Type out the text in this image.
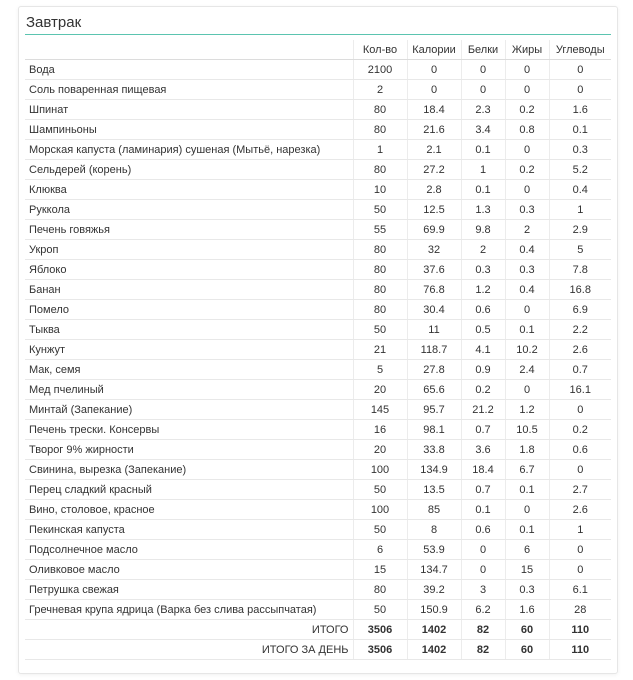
Завтрак
	Кол-во	Калории	Белки	Жиры	Углеводы
Вода	2100	0	0	0	0
Соль поваренная пищевая	2	0	0	0	0
Шпинат	80	18.4	2.3	0.2	1.6
Шампиньоны	80	21.6	3.4	0.8	0.1
Морская капуста (ламинария) сушеная (Мытьё, нарезка)	1	2.1	0.1	0	0.3
Сельдерей (корень)	80	27.2	1	0.2	5.2
Клюква	10	2.8	0.1	0	0.4
Руккола	50	12.5	1.3	0.3	1
Печень говяжья	55	69.9	9.8	2	2.9
Укроп	80	32	2	0.4	5
Яблоко	80	37.6	0.3	0.3	7.8
Банан	80	76.8	1.2	0.4	16.8
Помело	80	30.4	0.6	0	6.9
Тыква	50	11	0.5	0.1	2.2
Кунжут	21	118.7	4.1	10.2	2.6
Мак, семя	5	27.8	0.9	2.4	0.7
Мед пчелиный	20	65.6	0.2	0	16.1
Минтай (Запекание)	145	95.7	21.2	1.2	0
Печень трески. Консервы	16	98.1	0.7	10.5	0.2
Творог 9% жирности	20	33.8	3.6	1.8	0.6
Свинина, вырезка (Запекание)	100	134.9	18.4	6.7	0
Перец сладкий красный	50	13.5	0.7	0.1	2.7
Вино, столовое, красное	100	85	0.1	0	2.6
Пекинская капуста	50	8	0.6	0.1	1
Подсолнечное масло	6	53.9	0	6	0
Оливковое масло	15	134.7	0	15	0
Петрушка свежая	80	39.2	3	0.3	6.1
Гречневая крупа ядрица (Варка без слива рассыпчатая)	50	150.9	6.2	1.6	28
ИТОГО	3506	1402	82	60	110
ИТОГО ЗА ДЕНЬ	3506	1402	82	60	110
